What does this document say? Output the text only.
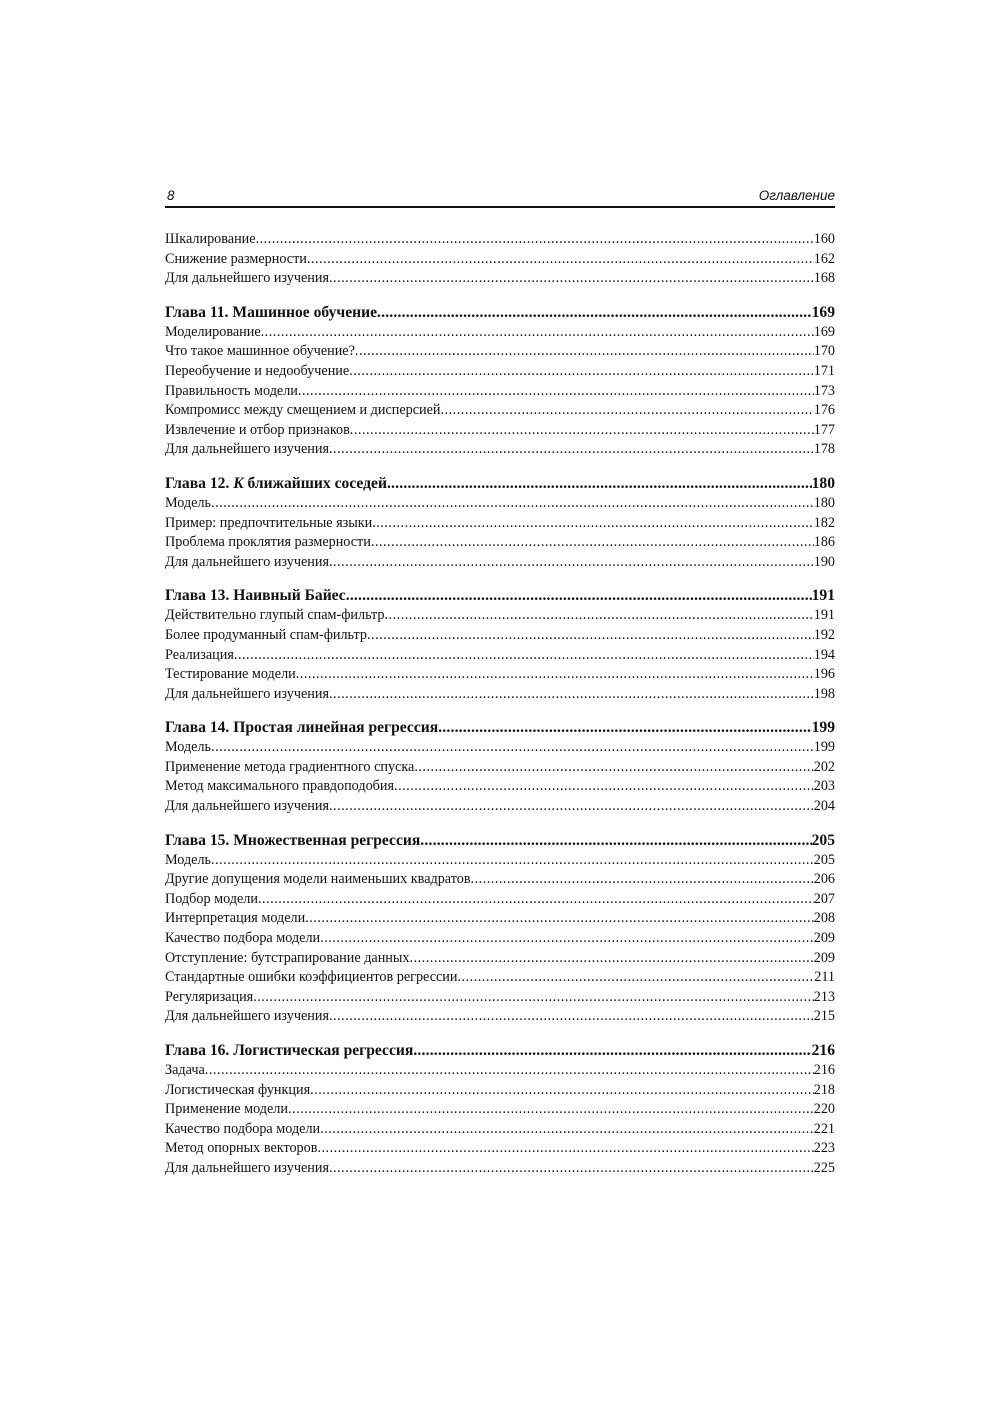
8	Оглавление
Шкалирование .....	160
Снижение размерности .....	162
Для дальнейшего изучения .....	168
Глава 11. Машинное обучение .....	169
Моделирование .....	169
Что такое машинное обучение? .....	170
Переобучение и недообучение .....	171
Правильность модели .....	173
Компромисс между смещением и дисперсией .....	176
Извлечение и отбор признаков .....	177
Для дальнейшего изучения .....	178
Глава 12. K ближайших соседей .....	180
Модель .....	180
Пример: предпочтительные языки .....	182
Проблема проклятия размерности .....	186
Для дальнейшего изучения .....	190
Глава 13. Наивный Байес .....	191
Действительно глупый спам-фильтр .....	191
Более продуманный спам-фильтр .....	192
Реализация .....	194
Тестирование модели .....	196
Для дальнейшего изучения .....	198
Глава 14. Простая линейная регрессия .....	199
Модель .....	199
Применение метода градиентного спуска .....	202
Метод максимального правдоподобия .....	203
Для дальнейшего изучения .....	204
Глава 15. Множественная регрессия .....	205
Модель .....	205
Другие допущения модели наименьших квадратов .....	206
Подбор модели .....	207
Интерпретация модели .....	208
Качество подбора модели .....	209
Отступление: бутстрапирование данных .....	209
Стандартные ошибки коэффициентов регрессии .....	211
Регуляризация .....	213
Для дальнейшего изучения .....	215
Глава 16. Логистическая регрессия .....	216
Задача .....	216
Логистическая функция .....	218
Применение модели .....	220
Качество подбора модели .....	221
Метод опорных векторов .....	223
Для дальнейшего изучения .....	225
